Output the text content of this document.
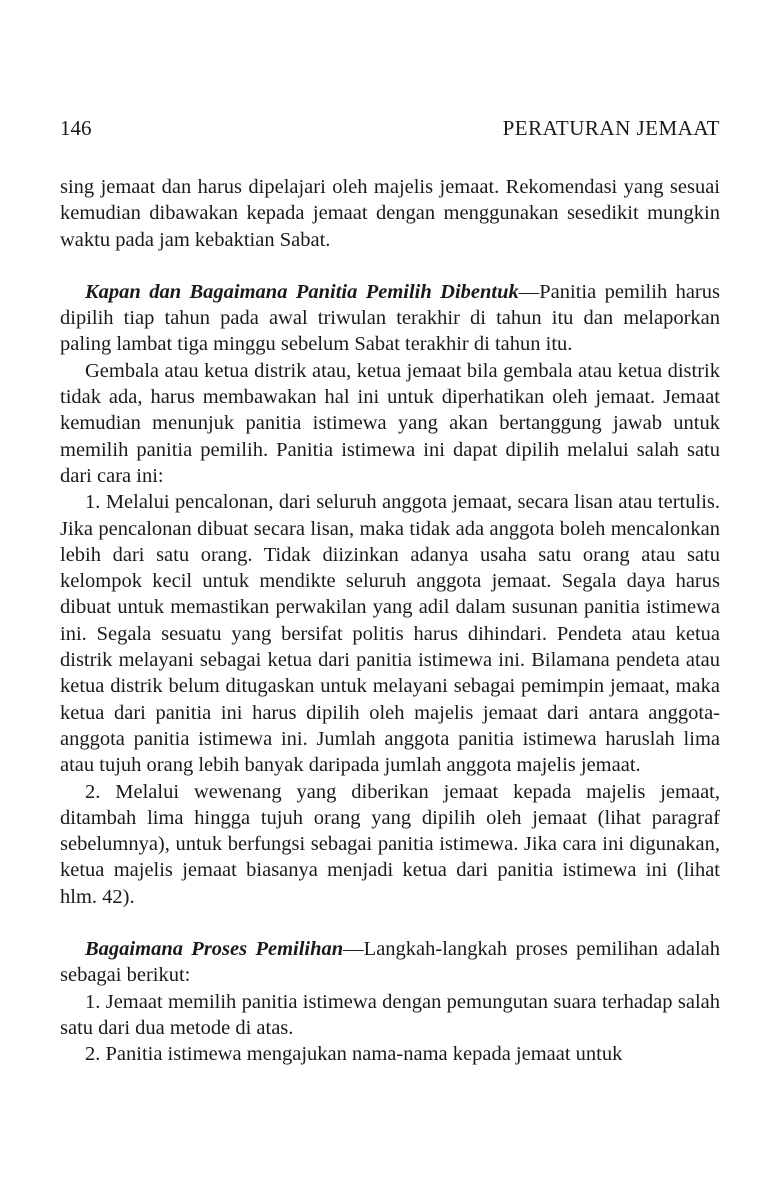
146	PERATURAN JEMAAT

sing jemaat dan harus dipelajari oleh majelis jemaat. Rekomendasi yang sesuai kemudian dibawakan kepada jemaat dengan menggunakan sesedikit mungkin waktu pada jam kebaktian Sabat.

Kapan dan Bagaimana Panitia Pemilih Dibentuk—Panitia pemilih harus dipilih tiap tahun pada awal triwulan terakhir di tahun itu dan melaporkan paling lambat tiga minggu sebelum Sabat terakhir di tahun itu.

Gembala atau ketua distrik atau, ketua jemaat bila gembala atau ketua distrik tidak ada, harus membawakan hal ini untuk diperhatikan oleh jemaat. Jemaat kemudian menunjuk panitia istimewa yang akan bertanggung jawab untuk memilih panitia pemilih. Panitia istimewa ini dapat dipilih melalui salah satu dari cara ini:

1. Melalui pencalonan, dari seluruh anggota jemaat, secara lisan atau tertulis. Jika pencalonan dibuat secara lisan, maka tidak ada anggota boleh mencalonkan lebih dari satu orang. Tidak diizinkan adanya usaha satu orang atau satu kelompok kecil untuk mendikte seluruh anggota jemaat. Segala daya harus dibuat untuk memastikan perwakilan yang adil dalam susunan panitia istimewa ini. Segala sesuatu yang bersifat politis harus dihindari. Pendeta atau ketua distrik melayani sebagai ketua dari panitia istimewa ini. Bilamana pendeta atau ketua distrik belum ditugaskan untuk melayani sebagai pemimpin jemaat, maka ketua dari panitia ini harus dipilih oleh majelis jemaat dari antara anggota-anggota panitia istimewa ini. Jumlah anggota panitia istimewa haruslah lima atau tujuh orang lebih banyak daripada jumlah anggota majelis jemaat.

2. Melalui wewenang yang diberikan jemaat kepada majelis jemaat, ditambah lima hingga tujuh orang yang dipilih oleh jemaat (lihat paragraf sebelumnya), untuk berfungsi sebagai panitia istimewa. Jika cara ini digunakan, ketua majelis jemaat biasanya menjadi ketua dari panitia istimewa ini (lihat hlm. 42).

Bagaimana Proses Pemilihan—Langkah-langkah proses pemilihan adalah sebagai berikut:

1. Jemaat memilih panitia istimewa dengan pemungutan suara terhadap salah satu dari dua metode di atas.

2. Panitia istimewa mengajukan nama-nama kepada jemaat untuk
